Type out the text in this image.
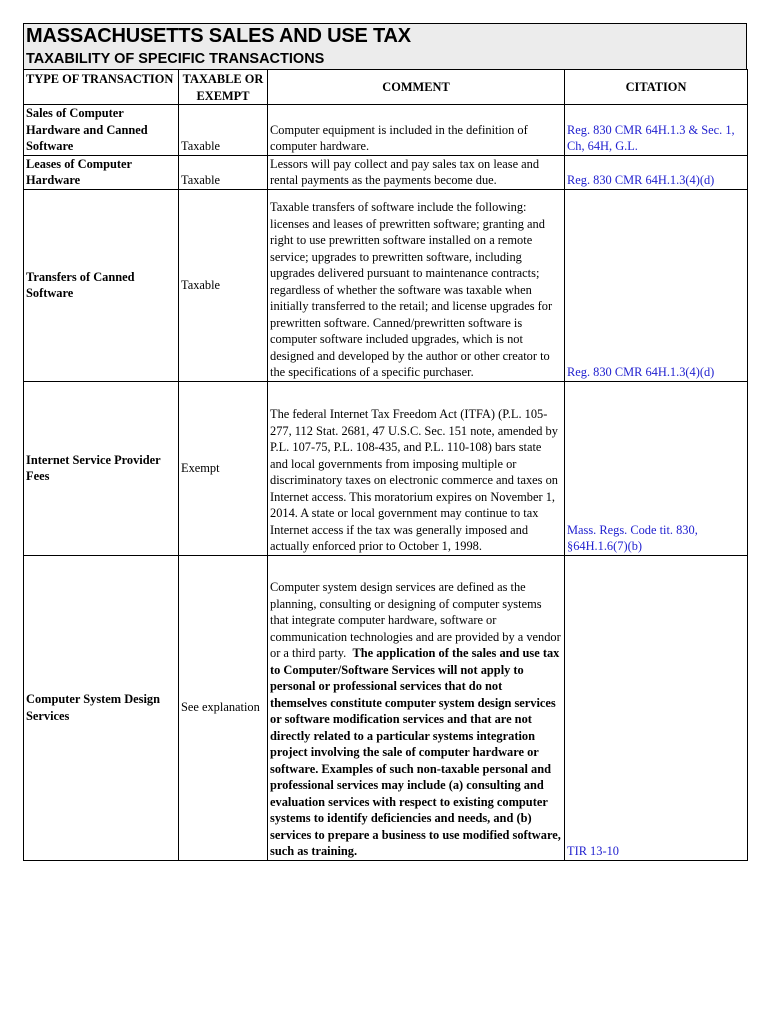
MASSACHUSETTS SALES AND USE TAX
TAXABILITY OF SPECIFIC TRANSACTIONS
TYPE OF TRANSACTION	TAXABLE OR EXEMPT	COMMENT	CITATION
Sales of Computer Hardware and Canned Software	Taxable	Computer equipment is included in the definition of computer hardware.	Reg. 830 CMR 64H.1.3 & Sec. 1, Ch, 64H, G.L.
Leases of Computer Hardware	Taxable	Lessors will pay collect and pay sales tax on lease and rental payments as the payments become due.	Reg. 830 CMR 64H.1.3(4)(d)
Transfers of Canned Software	Taxable	Taxable transfers of software include the following: licenses and leases of prewritten software; granting and right to use prewritten software installed on a remote service; upgrades to prewritten software, including upgrades delivered pursuant to maintenance contracts; regardless of whether the software was taxable when initially transferred to the retail; and license upgrades for prewritten software. Canned/prewritten software is computer software included upgrades, which is not designed and developed by the author or other creator to the specifications of a specific purchaser.	Reg. 830 CMR 64H.1.3(4)(d)
Internet Service Provider Fees	Exempt	The federal Internet Tax Freedom Act (ITFA) (P.L. 105-277, 112 Stat. 2681, 47 U.S.C. Sec. 151 note, amended by P.L. 107-75, P.L. 108-435, and P.L. 110-108) bars state and local governments from imposing multiple or discriminatory taxes on electronic commerce and taxes on Internet access. This moratorium expires on November 1, 2014. A state or local government may continue to tax Internet access if the tax was generally imposed and actually enforced prior to October 1, 1998.	Mass. Regs. Code tit. 830, §64H.1.6(7)(b)
Computer System Design Services	See explanation	Computer system design services are defined as the planning, consulting or designing of computer systems that integrate computer hardware, software or communication technologies and are provided by a vendor or a third party. The application of the sales and use tax to Computer/Software Services will not apply to personal or professional services that do not themselves constitute computer system design services or software modification services and that are not directly related to a particular systems integration project involving the sale of computer hardware or software. Examples of such non-taxable personal and professional services may include (a) consulting and evaluation services with respect to existing computer systems to identify deficiencies and needs, and (b) services to prepare a business to use modified software, such as training.	TIR 13-10
